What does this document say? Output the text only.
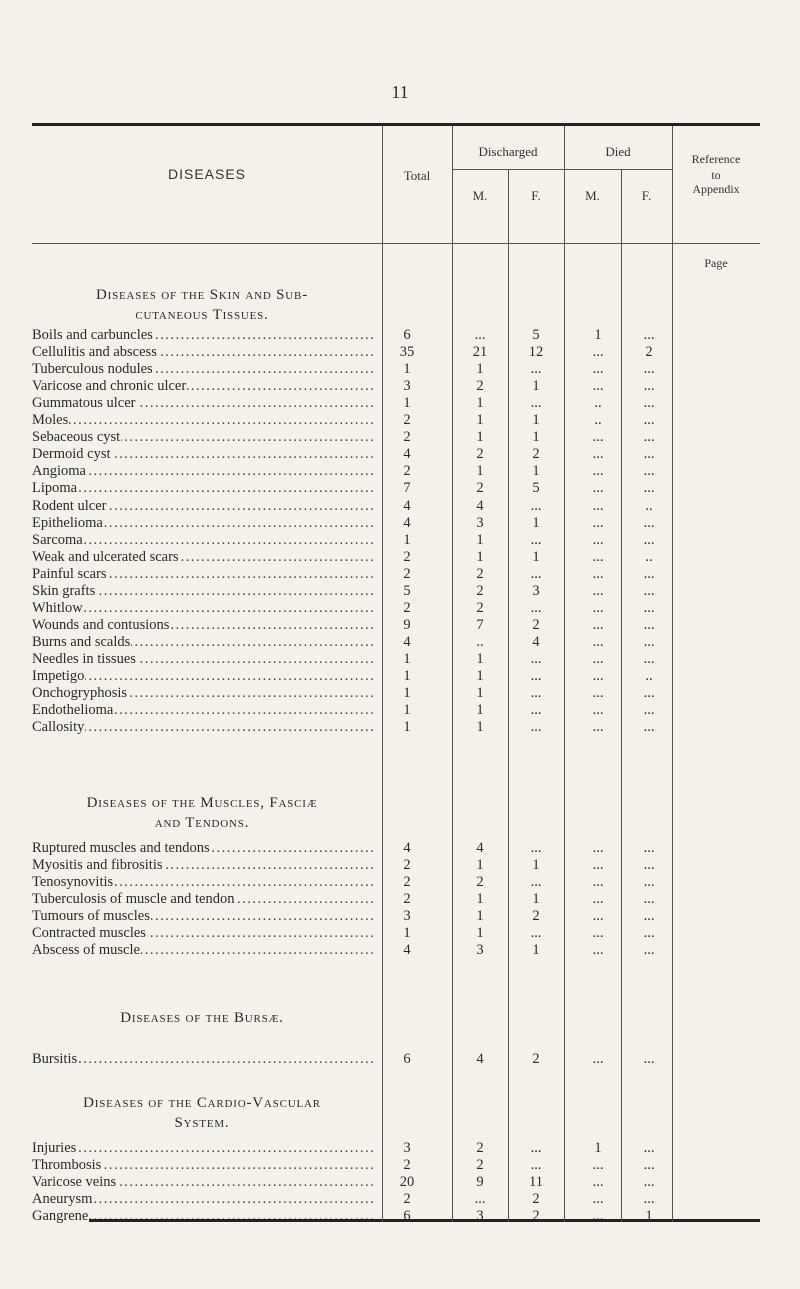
11
DISEASES	Total
Discharged	Died
M.	F.	M.	F.
Reference
to
Appendix
Page
Diseases of the Skin and Sub-
cutaneous Tissues.
Boils and carbuncles .....	6	...	5	1	...
Cellulitis and abscess .....	35	21	12	...	2
Tuberculous nodules .....	1	1	...	...	...
Varicose and chronic ulcer .....	3	2	1	...	...
Gummatous ulcer .....	1	1	...	..	...
Moles .....	2	1	1	..	...
Sebaceous cyst .....	2	1	1	...	...
Dermoid cyst .....	4	2	2	...	...
Angioma .....	2	1	1	...	...
Lipoma .....	7	2	5	...	...
Rodent ulcer .....	4	4	...	...	..
Epithelioma .....	4	3	1	...	...
Sarcoma .....	1	1	...	...	...
Weak and ulcerated scars .....	2	1	1	...	..
Painful scars .....	2	2	...	...	...
Skin grafts .....	5	2	3	...	...
Whitlow .....	2	2	...	...	...
Wounds and contusions .....	9	7	2	...	...
Burns and scalds .....	4	..	4	...	...
Needles in tissues .....	1	1	...	...	...
Impetigo .....	1	1	...	...	..
Onchogryphosis .....	1	1	...	...	...
Endothelioma .....	1	1	...	...	...
Callosity .....	1	1	...	...	...
Diseases of the Muscles, Fasciæ
and Tendons.
Ruptured muscles and tendons .....	4	4	...	...	...
Myositis and fibrositis .....	2	1	1	...	...
Tenosynovitis .....	2	2	...	...	...
Tuberculosis of muscle and tendon .....	2	1	1	...	...
Tumours of muscles .....	3	1	2	...	...
Contracted muscles .....	1	1	...	...	...
Abscess of muscle .....	4	3	1	...	...
Diseases of the Bursæ.
Bursitis .....	6	4	2	...	...
Diseases of the Cardio-Vascular
System.
Injuries .....	3	2	...	1	...
Thrombosis .....	2	2	...	...	...
Varicose veins .....	20	9	11	...	...
Aneurysm .....	2	...	2	...	...
Gangrene .....	6	3	2	...	1
